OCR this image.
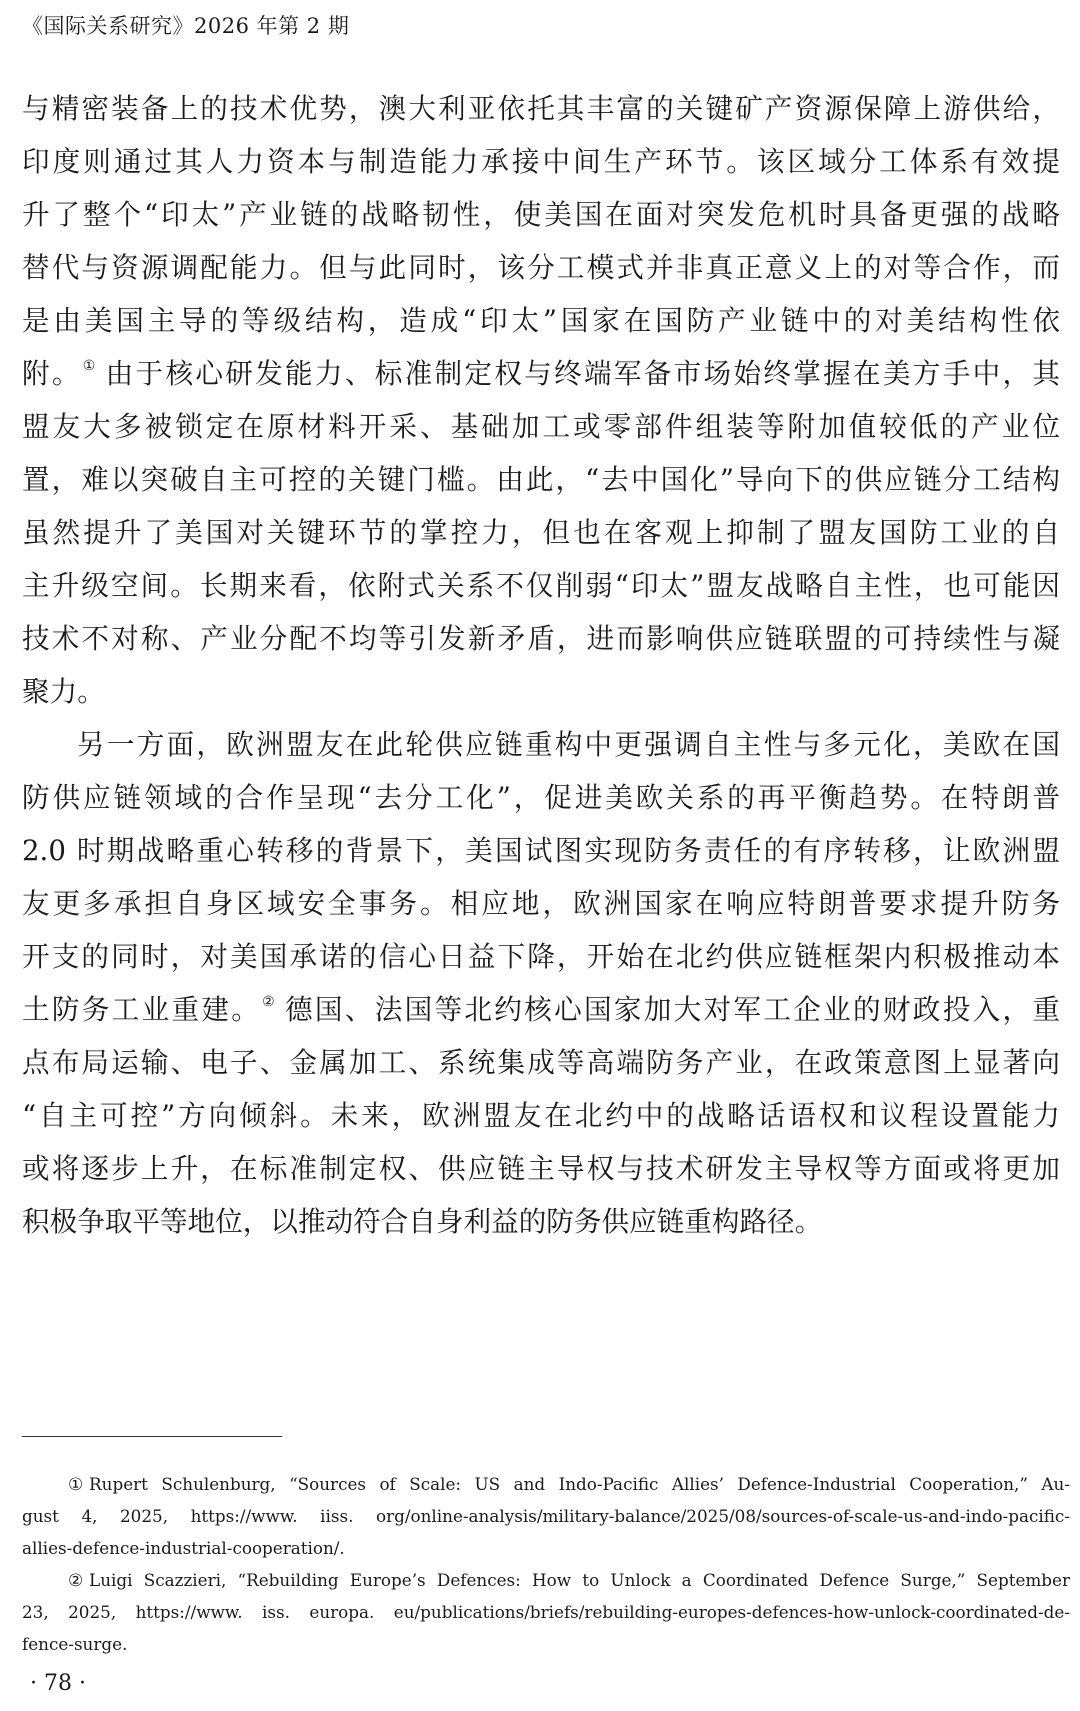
《国际关系研究》2026 年第 2 期
与精密装备上的技术优势，澳大利亚依托其丰富的关键矿产资源保障上游供给，
印度则通过其人力资本与制造能力承接中间生产环节。该区域分工体系有效提
升了整个“印太”产业链的战略韧性，使美国在面对突发危机时具备更强的战略
替代与资源调配能力。但与此同时，该分工模式并非真正意义上的对等合作，而
是由美国主导的等级结构，造成“印太”国家在国防产业链中的对美结构性依
附。① 由于核心研发能力、标准制定权与终端军备市场始终掌握在美方手中，其
盟友大多被锁定在原材料开采、基础加工或零部件组装等附加值较低的产业位
置，难以突破自主可控的关键门槛。由此，“去中国化”导向下的供应链分工结构
虽然提升了美国对关键环节的掌控力，但也在客观上抑制了盟友国防工业的自
主升级空间。长期来看，依附式关系不仅削弱“印太”盟友战略自主性，也可能因
技术不对称、产业分配不均等引发新矛盾，进而影响供应链联盟的可持续性与凝
聚力。
另一方面，欧洲盟友在此轮供应链重构中更强调自主性与多元化，美欧在国
防供应链领域的合作呈现“去分工化”，促进美欧关系的再平衡趋势。在特朗普
2.0 时期战略重心转移的背景下，美国试图实现防务责任的有序转移，让欧洲盟
友更多承担自身区域安全事务。相应地，欧洲国家在响应特朗普要求提升防务
开支的同时，对美国承诺的信心日益下降，开始在北约供应链框架内积极推动本
土防务工业重建。② 德国、法国等北约核心国家加大对军工企业的财政投入，重
点布局运输、电子、金属加工、系统集成等高端防务产业，在政策意图上显著向
“自主可控”方向倾斜。未来，欧洲盟友在北约中的战略话语权和议程设置能力
或将逐步上升，在标准制定权、供应链主导权与技术研发主导权等方面或将更加
积极争取平等地位，以推动符合自身利益的防务供应链重构路径。
① Rupert Schulenburg, “Sources of Scale: US and Indo-Pacific Allies’ Defence-Industrial Cooperation,” Au-
gust 4, 2025, https://www. iiss. org/online-analysis/military-balance/2025/08/sources-of-scale-us-and-indo-pacific-
allies-defence-industrial-cooperation/.
② Luigi Scazzieri, “Rebuilding Europe’s Defences: How to Unlock a Coordinated Defence Surge,” September
23, 2025, https://www. iss. europa. eu/publications/briefs/rebuilding-europes-defences-how-unlock-coordinated-de-
fence-surge.
· 78 ·
